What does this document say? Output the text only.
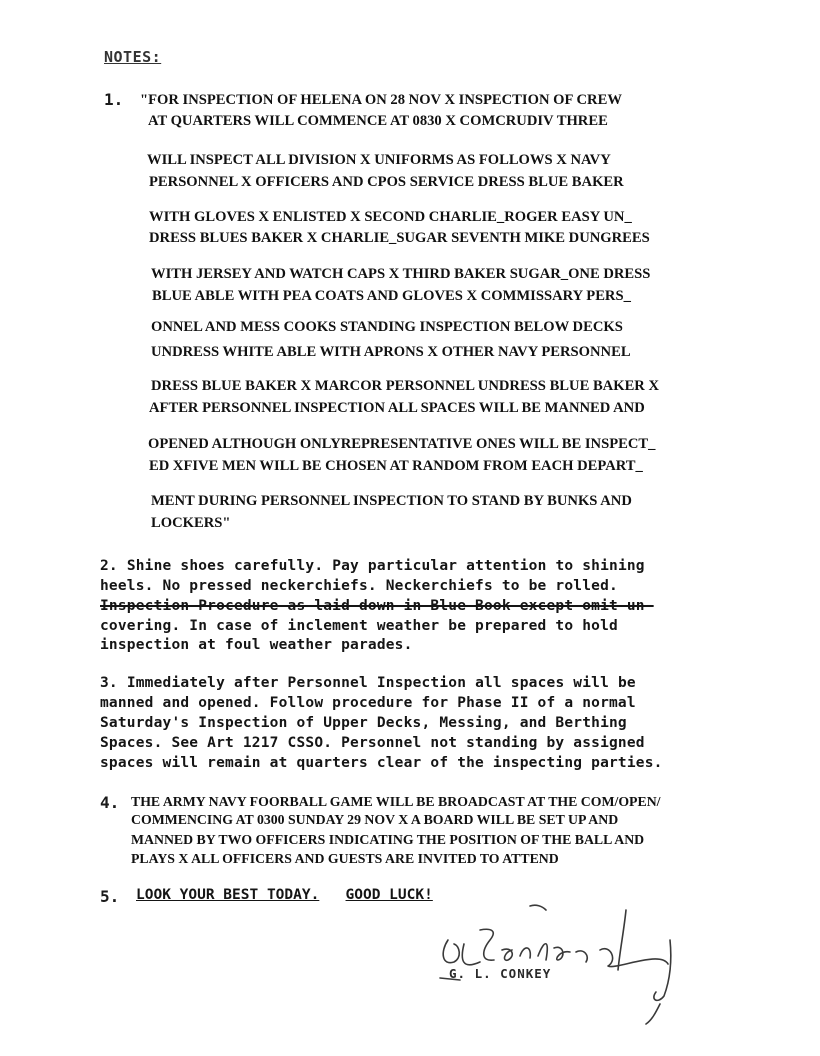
NOTES:
1. "FOR INSPECTION OF HELENA ON 28 NOV X INSPECTION OF CREW
AT QUARTERS WILL COMMENCE AT 0830 X COMCRUDIV THREE
WILL INSPECT ALL DIVISION X UNIFORMS AS FOLLOWS X NAVY
PERSONNEL X OFFICERS AND CPOS SERVICE DRESS BLUE BAKER
WITH GLOVES X ENLISTED X SECOND CHARLIE_ROGER EASY UN_
DRESS BLUES BAKER X CHARLIE_SUGAR SEVENTH MIKE DUNGREES
WITH JERSEY AND WATCH CAPS X THIRD BAKER SUGAR_ONE DRESS
BLUE ABLE WITH PEA COATS AND GLOVES X COMMISSARY PERS_
ONNEL AND MESS COOKS STANDING INSPECTION BELOW DECKS
UNDRESS WHITE ABLE WITH APRONS X OTHER NAVY PERSONNEL
DRESS BLUE BAKER X MARCOR PERSONNEL UNDRESS BLUE BAKER X
AFTER PERSONNEL INSPECTION ALL SPACES WILL BE MANNED AND
OPENED ALTHOUGH ONLYREPRESENTATIVE ONES WILL BE INSPECT_
ED XFIVE MEN WILL BE CHOSEN AT RANDOM FROM EACH DEPART_
MENT DURING PERSONNEL INSPECTION TO STAND BY BUNKS AND
LOCKERS"
2. Shine shoes carefully. Pay particular attention to shining
heels. No pressed neckerchiefs. Neckerchiefs to be rolled.
Inspection Procedure as laid down in Blue Book except omit un-
covering. In case of inclement weather be prepared to hold
inspection at foul weather parades.
3. Immediately after Personnel Inspection all spaces will be
manned and opened. Follow procedure for Phase II of a normal
Saturday's Inspection of Upper Decks, Messing, and Berthing
Spaces. See Art 1217 CSSO. Personnel not standing by assigned
spaces will remain at quarters clear of the inspecting parties.
4. THE ARMY NAVY FOORBALL GAME WILL BE BROADCAST AT THE COM/OPEN/
COMMENCING AT 0300 SUNDAY 29 NOV X A BOARD WILL BE SET UP AND
MANNED BY TWO OFFICERS INDICATING THE POSITION OF THE BALL AND
PLAYS X ALL OFFICERS AND GUESTS ARE INVITED TO ATTEND
5. LOOK YOUR BEST TODAY. GOOD LUCK!
G. L. CONKEY
